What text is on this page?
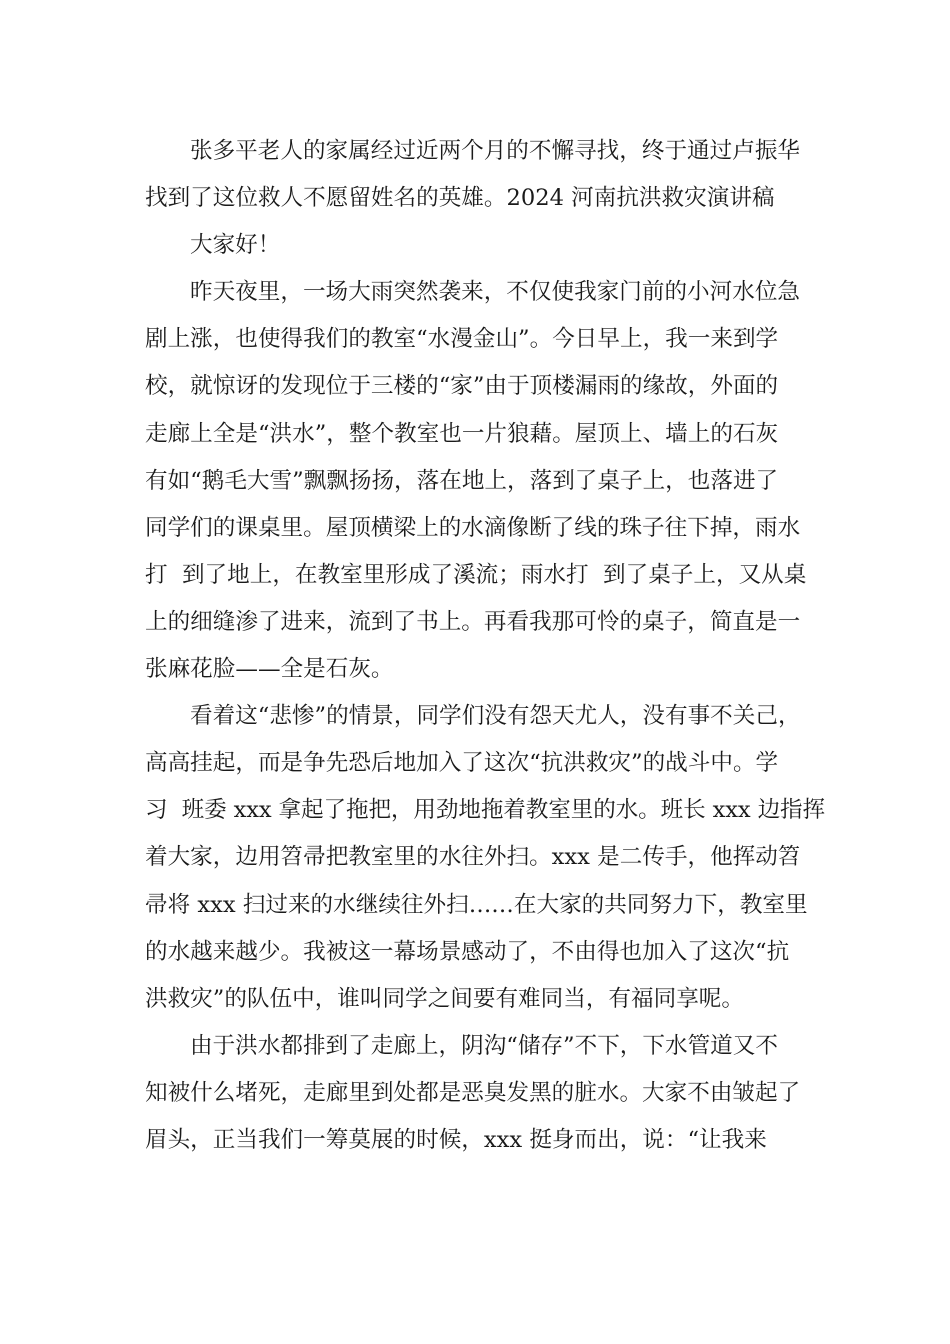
张多平老人的家属经过近两个月的不懈寻找，终于通过卢振华
找到了这位救人不愿留姓名的英雄。2024 河南抗洪救灾演讲稿
大家好！
昨天夜里，一场大雨突然袭来，不仅使我家门前的小河水位急
剧上涨，也使得我们的教室“水漫金山”。今日早上，我一来到学
校，就惊讶的发现位于三楼的“家”由于顶楼漏雨的缘故，外面的
走廊上全是“洪水”，整个教室也一片狼藉。屋顶上、墙上的石灰
有如“鹅毛大雪”飘飘扬扬，落在地上，落到了桌子上，也落进了
同学们的课桌里。屋顶横梁上的水滴像断了线的珠子往下掉，雨水
打  到了地上，在教室里形成了溪流；雨水打  到了桌子上，又从桌
上的细缝渗了进来，流到了书上。再看我那可怜的桌子，简直是一
张麻花脸——全是石灰。
看着这“悲惨”的情景，同学们没有怨天尤人，没有事不关己，
高高挂起，而是争先恐后地加入了这次“抗洪救灾”的战斗中。学
习  班委 xxx 拿起了拖把，用劲地拖着教室里的水。班长 xxx 边指挥
着大家，边用笤帚把教室里的水往外扫。xxx 是二传手，他挥动笤
帚将 xxx 扫过来的水继续往外扫……在大家的共同努力下，教室里
的水越来越少。我被这一幕场景感动了，不由得也加入了这次“抗
洪救灾”的队伍中，谁叫同学之间要有难同当，有福同享呢。
由于洪水都排到了走廊上，阴沟“储存”不下，下水管道又不
知被什么堵死，走廊里到处都是恶臭发黑的脏水。大家不由皱起了
眉头，正当我们一筹莫展的时候，xxx 挺身而出，说：“让我来
